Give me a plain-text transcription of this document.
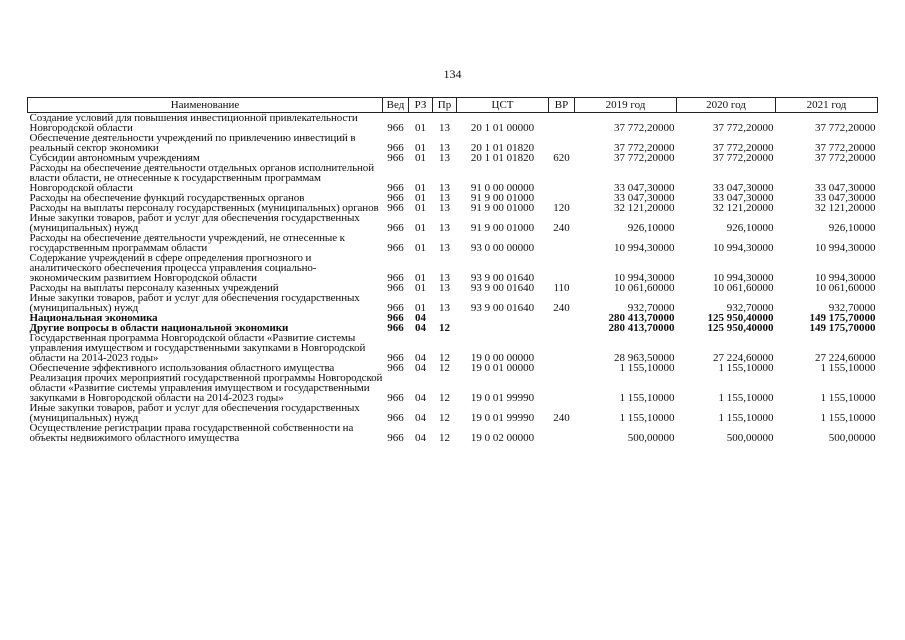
134
Наименование	Вед	РЗ	Пр	ЦСТ	ВР	2019 год	2020 год	2021 год
Создание условий для повышения инвестиционной привлекательности Новгородской области	966	01	13	20 1 01 00000		37 772,20000	37 772,20000	37 772,20000
Обеспечение деятельности учреждений по привлечению инвестиций в реальный сектор экономики	966	01	13	20 1 01 01820		37 772,20000	37 772,20000	37 772,20000
Субсидии автономным учреждениям	966	01	13	20 1 01 01820	620	37 772,20000	37 772,20000	37 772,20000
Расходы на обеспечение деятельности отдельных органов исполнительной власти области, не отнесенные к государственным программам Новгородской области	966	01	13	91 0 00 00000		33 047,30000	33 047,30000	33 047,30000
Расходы на обеспечение функций государственных органов	966	01	13	91 9 00 01000		33 047,30000	33 047,30000	33 047,30000
Расходы на выплаты персоналу государственных (муниципальных) органов	966	01	13	91 9 00 01000	120	32 121,20000	32 121,20000	32 121,20000
Иные закупки товаров, работ и услуг для обеспечения государственных (муниципальных) нужд	966	01	13	91 9 00 01000	240	926,10000	926,10000	926,10000
Расходы на обеспечение деятельности учреждений, не отнесенные к государственным программам области	966	01	13	93 0 00 00000		10 994,30000	10 994,30000	10 994,30000
Содержание учреждений в сфере определения прогнозного и аналитического обеспечения процесса управления социально-экономическим развитием Новгородской области	966	01	13	93 9 00 01640		10 994,30000	10 994,30000	10 994,30000
Расходы на выплаты персоналу казенных учреждений	966	01	13	93 9 00 01640	110	10 061,60000	10 061,60000	10 061,60000
Иные закупки товаров, работ и услуг для обеспечения государственных (муниципальных) нужд	966	01	13	93 9 00 01640	240	932,70000	932,70000	932,70000
Национальная экономика	966	04				280 413,70000	125 950,40000	149 175,70000
Другие вопросы в области национальной экономики	966	04	12			280 413,70000	125 950,40000	149 175,70000
Государственная программа Новгородской области «Развитие системы управления имуществом и государственными закупками в Новгородской области на 2014-2023 годы»	966	04	12	19 0 00 00000		28 963,50000	27 224,60000	27 224,60000
Обеспечение эффективного использования областного имущества	966	04	12	19 0 01 00000		1 155,10000	1 155,10000	1 155,10000
Реализация прочих мероприятий государственной программы Новгородской области «Развитие системы управления имуществом и государственными закупками в Новгородской области на 2014-2023 годы»	966	04	12	19 0 01 99990		1 155,10000	1 155,10000	1 155,10000
Иные закупки товаров, работ и услуг для обеспечения государственных (муниципальных) нужд	966	04	12	19 0 01 99990	240	1 155,10000	1 155,10000	1 155,10000
Осуществление регистрации права государственной собственности на объекты недвижимого областного имущества	966	04	12	19 0 02 00000		500,00000	500,00000	500,00000
